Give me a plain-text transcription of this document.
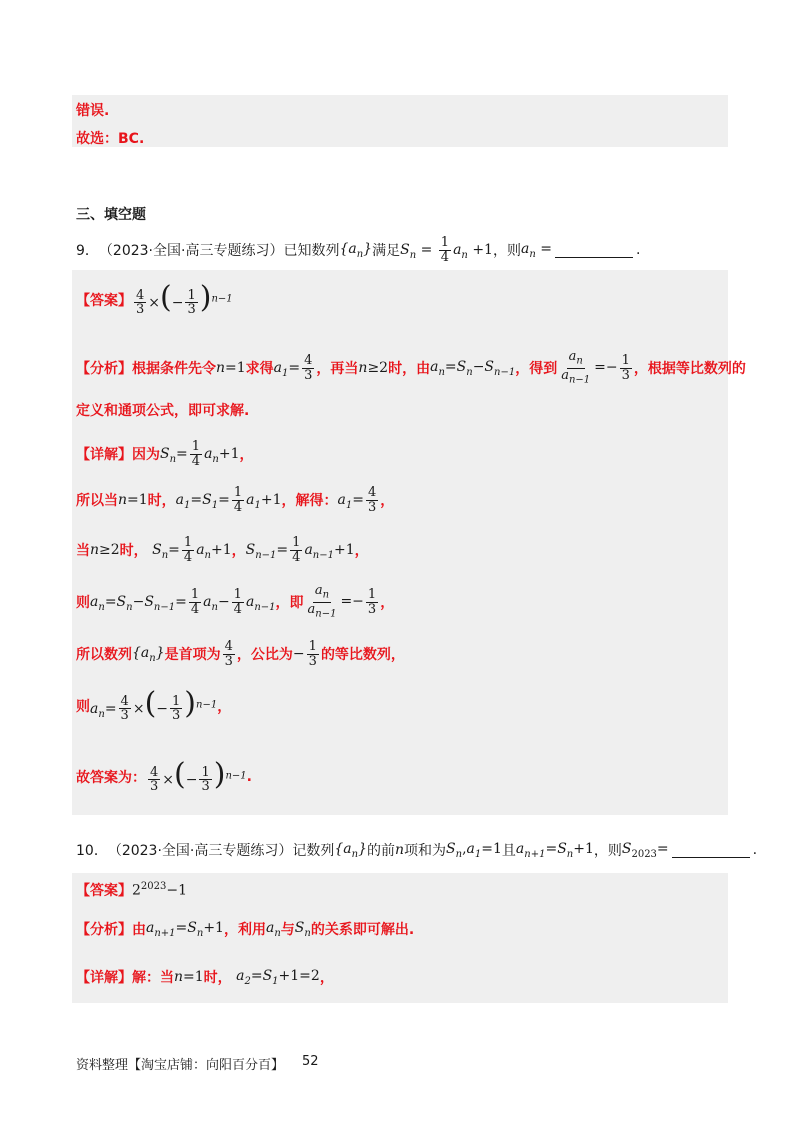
错误.
故选：BC.
三、填空题
9． （2023·全国·高三专题练习） 已知数列 $\{a_n\}$ 满足 $S_n = \frac{1}{4} a_n +1$ ，则 $a_n$ =	.
【答案】 $\frac{4}{3}$ ×(− $\frac{1}{3} )^{n-1}$
【分析】 根据条件先令 n=1 求得 $a_1= \frac{4}{3}$ ，再当 n≥2 时，由 $a_n=S_n-S_{n-1}$ ，得到 $\frac{a_n}{a_{n-1}} =- \frac{1}{3}$ ，根据等比数列的
定义和通项公式，即可求解.
【详解】 因为 $S_n= \frac{1}{4} a_n+1$ ，
所以当 n=1 时， $a_1=S_1= \frac{1}{4} a_1+1$ ，解得： $a_1= \frac{4}{3}$ ，
当 n≥2 时， $S_n= \frac{1}{4} a_n+1$ ， $S_{n-1}= \frac{1}{4} a_{n-1}+1$ ，
则 $a_n=S_n-S_{n-1}= \frac{1}{4} a_n- \frac{1}{4} a_{n-1}$ ，即 $\frac{a_n}{a_{n-1}} =- \frac{1}{3}$ ，
所以数列 $\{a_n\}$ 是首项为 $\frac{4}{3}$ ，公比为 − $\frac{1}{3}$ 的等比数列，
则 $a_n= \frac{4}{3}$ ×(− $\frac{1}{3} )^{n-1}$ ，
故答案为： $\frac{4}{3}$ ×(− $\frac{1}{3} )^{n-1}$ .
10． （2023·全国·高三专题练习） 记数列 $\{a_n\}$ 的前 n 项和为 $S_n,a_1=1$ 且 $a_{n+1}=S_n+1$ ，则 $S_{2023}=$	.
【答案】 $2^{2023}-1$
【分析】 由 $a_{n+1}=S_n+1$ ，利用 $a_n$ 与 $S_n$ 的关系即可解出.
【详解】 解：当 n=1 时， $a_2=S_1+1=2$ ，
资料整理【淘宝店铺：向阳百分百】 52
